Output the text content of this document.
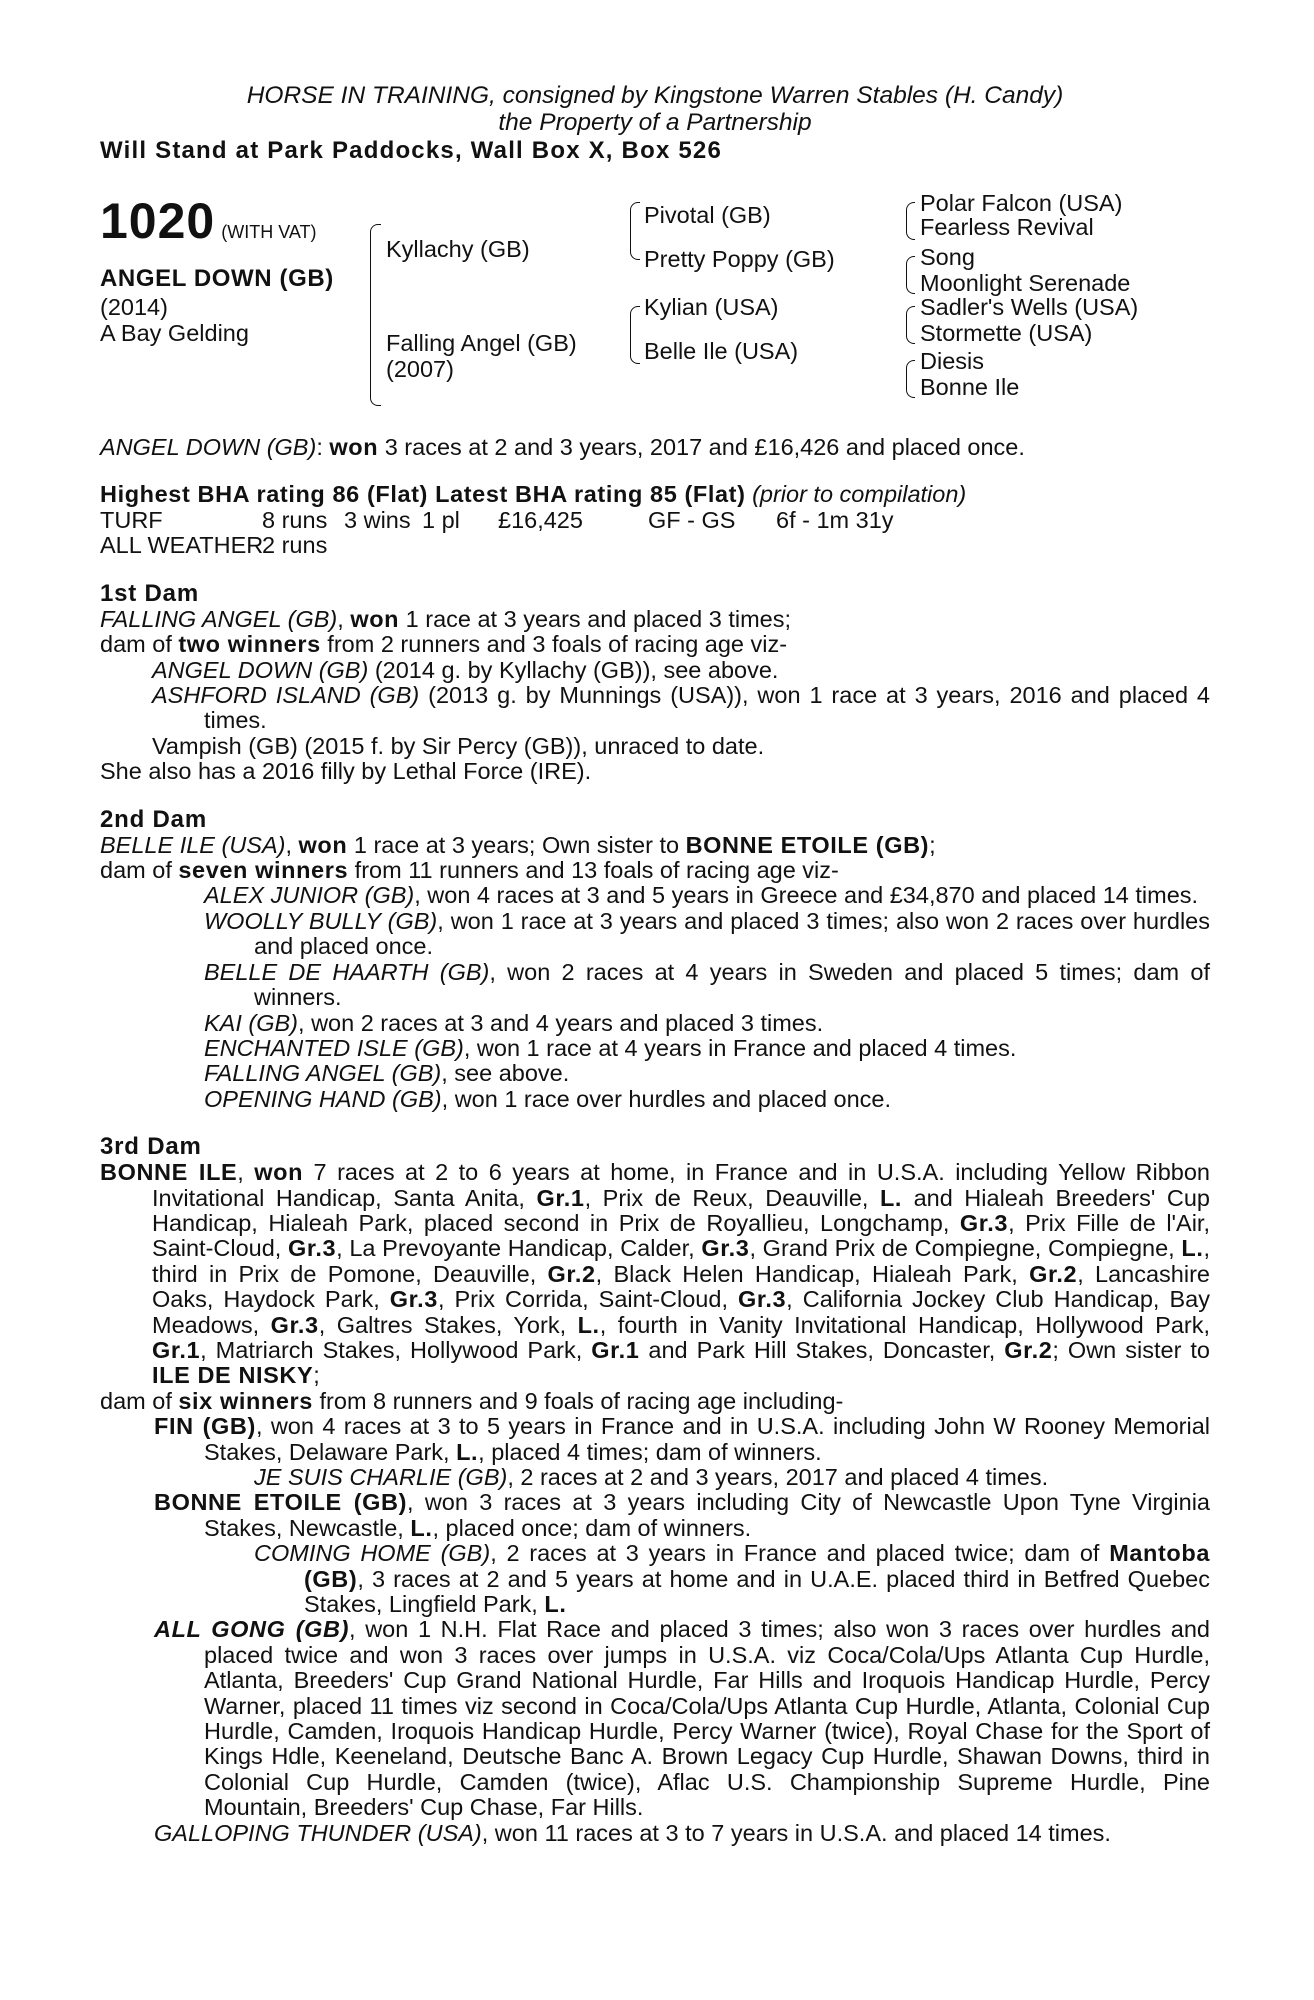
HORSE IN TRAINING, consigned by Kingstone Warren Stables (H. Candy)
the Property of a Partnership
Will Stand at Park Paddocks, Wall Box X, Box 526
1020 (WITH VAT)
ANGEL DOWN (GB)
(2014)
A Bay Gelding
Kyllachy (GB)
Falling Angel (GB)
(2007)
Pivotal (GB)
Pretty Poppy (GB)
Kylian (USA)
Belle Ile (USA)
Polar Falcon (USA)
Fearless Revival
Song
Moonlight Serenade
Sadler's Wells (USA)
Stormette (USA)
Diesis
Bonne Ile
ANGEL DOWN (GB): won 3 races at 2 and 3 years, 2017 and £16,426 and placed once.
Highest BHA rating 86 (Flat) Latest BHA rating 85 (Flat) (prior to compilation)
TURF	8 runs 3 wins 1 pl £16,425	GF - GS 6f - 1m 31y
ALL WEATHER
2 runs
1st Dam
FALLING ANGEL (GB), won 1 race at 3 years and placed 3 times;
dam of two winners from 2 runners and 3 foals of racing age viz-
ANGEL DOWN (GB) (2014 g. by Kyllachy (GB)), see above.
ASHFORD ISLAND (GB) (2013 g. by Munnings (USA)), won 1 race at 3 years, 2016 and placed 4 times.
Vampish (GB) (2015 f. by Sir Percy (GB)), unraced to date.
She also has a 2016 filly by Lethal Force (IRE).
2nd Dam
BELLE ILE (USA), won 1 race at 3 years; Own sister to BONNE ETOILE (GB);
dam of seven winners from 11 runners and 13 foals of racing age viz-
ALEX JUNIOR (GB), won 4 races at 3 and 5 years in Greece and £34,870 and placed 14 times.
WOOLLY BULLY (GB), won 1 race at 3 years and placed 3 times; also won 2 races over hurdles and placed once.
BELLE DE HAARTH (GB), won 2 races at 4 years in Sweden and placed 5 times; dam of winners.
KAI (GB), won 2 races at 3 and 4 years and placed 3 times.
ENCHANTED ISLE (GB), won 1 race at 4 years in France and placed 4 times.
FALLING ANGEL (GB), see above.
OPENING HAND (GB), won 1 race over hurdles and placed once.
3rd Dam
BONNE ILE, won 7 races at 2 to 6 years at home, in France and in U.S.A. including Yellow Ribbon Invitational Handicap, Santa Anita, Gr.1, Prix de Reux, Deauville, L. and Hialeah Breeders' Cup Handicap, Hialeah Park, placed second in Prix de Royallieu, Longchamp, Gr.3, Prix Fille de l'Air, Saint-Cloud, Gr.3, La Prevoyante Handicap, Calder, Gr.3, Grand Prix de Compiegne, Compiegne, L., third in Prix de Pomone, Deauville, Gr.2, Black Helen Handicap, Hialeah Park, Gr.2, Lancashire Oaks, Haydock Park, Gr.3, Prix Corrida, Saint-Cloud, Gr.3, California Jockey Club Handicap, Bay Meadows, Gr.3, Galtres Stakes, York, L., fourth in Vanity Invitational Handicap, Hollywood Park, Gr.1, Matriarch Stakes, Hollywood Park, Gr.1 and Park Hill Stakes, Doncaster, Gr.2; Own sister to ILE DE NISKY;
dam of six winners from 8 runners and 9 foals of racing age including-
FIN (GB), won 4 races at 3 to 5 years in France and in U.S.A. including John W Rooney Memorial Stakes, Delaware Park, L., placed 4 times; dam of winners.
JE SUIS CHARLIE (GB), 2 races at 2 and 3 years, 2017 and placed 4 times.
BONNE ETOILE (GB), won 3 races at 3 years including City of Newcastle Upon Tyne Virginia Stakes, Newcastle, L., placed once; dam of winners.
COMING HOME (GB), 2 races at 3 years in France and placed twice; dam of Mantoba (GB), 3 races at 2 and 5 years at home and in U.A.E. placed third in Betfred Quebec Stakes, Lingfield Park, L.
ALL GONG (GB), won 1 N.H. Flat Race and placed 3 times; also won 3 races over hurdles and placed twice and won 3 races over jumps in U.S.A. viz Coca/Cola/Ups Atlanta Cup Hurdle, Atlanta, Breeders' Cup Grand National Hurdle, Far Hills and Iroquois Handicap Hurdle, Percy Warner, placed 11 times viz second in Coca/Cola/Ups Atlanta Cup Hurdle, Atlanta, Colonial Cup Hurdle, Camden, Iroquois Handicap Hurdle, Percy Warner (twice), Royal Chase for the Sport of Kings Hdle, Keeneland, Deutsche Banc A. Brown Legacy Cup Hurdle, Shawan Downs, third in Colonial Cup Hurdle, Camden (twice), Aflac U.S. Championship Supreme Hurdle, Pine Mountain, Breeders' Cup Chase, Far Hills.
GALLOPING THUNDER (USA), won 11 races at 3 to 7 years in U.S.A. and placed 14 times.
